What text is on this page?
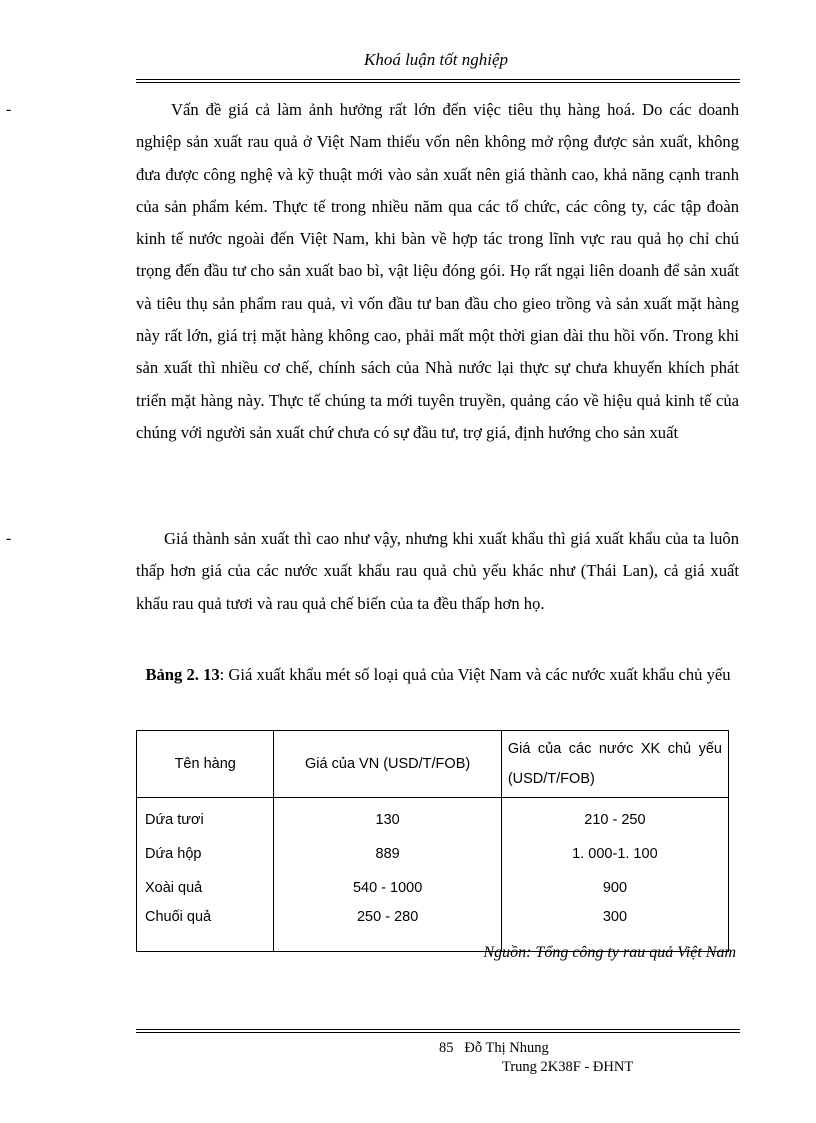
Khoá luận tốt nghiệp
-
-

Vấn đề giá cả làm ảnh hưởng rất lớn đến việc tiêu thụ hàng hoá. Do các doanh nghiệp sản xuất rau quả ở Việt Nam thiếu vốn nên không mở rộng được sản xuất, không đưa được công nghệ và kỹ thuật mới vào sản xuất nên giá thành cao, khả năng cạnh tranh của sản phẩm kém. Thực tế trong nhiều năm qua các tổ chức, các công ty, các tập đoàn kinh tế nước ngoài đến Việt Nam, khi bàn về hợp tác trong lĩnh vực rau quả họ chỉ chú trọng đến đầu tư cho sản xuất bao bì, vật liệu đóng gói. Họ rất ngại liên doanh để sản xuất và tiêu thụ sản phẩm rau quả, vì vốn đầu tư ban đầu cho gieo trồng và sản xuất mặt hàng này rất lớn, giá trị mặt hàng không cao, phải mất một thời gian dài thu hồi vốn. Trong khi sản xuất thì nhiều cơ chế, chính sách của Nhà nước lại thực sự chưa khuyến khích phát triển mặt hàng này. Thực tế chúng ta mới tuyên truyền, quảng cáo về hiệu quả kinh tế của chúng với người sản xuất chứ chưa có sự đầu tư, trợ giá, định hướng cho sản xuất

Giá thành sản xuất thì cao như vậy, nhưng khi xuất khẩu thì giá xuất khẩu của ta luôn thấp hơn giá của các nước xuất khẩu rau quả chủ yếu khác như (Thái Lan), cả giá xuất khẩu rau quả tươi và rau quả chế biến của ta đều thấp hơn họ.

Bảng 2. 13: Giá xuất khẩu mét số loại quả của Việt Nam và các nước xuất khẩu chủ yếu
Tên hàng	Giá của VN (USD/T/FOB)	Giá của các nước XK chủ yếu (USD/T/FOB)
Dứa tươi	130	210 - 250
Dứa hộp	889	1. 000-1. 100
Xoài quả	540 - 1000	900
Chuối quả	250 - 280	300
Nguồn: Tổng công ty rau quả Việt Nam
85 Đỗ Thị Nhung
Trung 2K38F - ĐHNT
